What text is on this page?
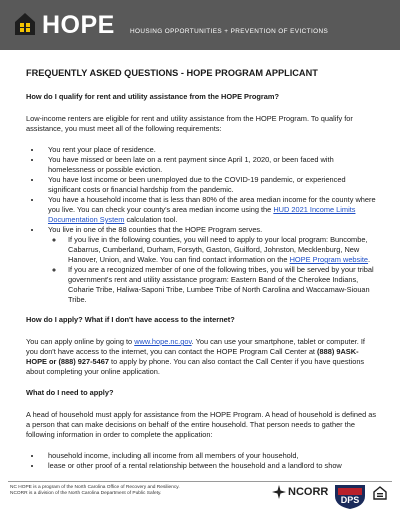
HOPE HOUSING OPPORTUNITIES + PREVENTION OF EVICTIONS
FREQUENTLY ASKED QUESTIONS - HOPE PROGRAM APPLICANT
How do I qualify for rent and utility assistance from the HOPE Program?

Low-income renters are eligible for rent and utility assistance from the HOPE Program. To qualify for assistance, you must meet all of the following requirements:

• You rent your place of residence.
• You have missed or been late on a rent payment since April 1, 2020, or been faced with homelessness or possible eviction.
• You have lost income or been unemployed due to the COVID-19 pandemic, or experienced significant costs or financial hardship from the pandemic.
• You have a household income that is less than 80% of the area median income for the county where you live. You can check your county's area median income using the HUD 2021 Income Limits Documentation System calculation tool.
• You live in one of the 88 counties that the HOPE Program serves.
◦ If you live in the following counties, you will need to apply to your local program: Buncombe, Cabarrus, Cumberland, Durham, Forsyth, Gaston, Guilford, Johnston, Mecklenburg, New Hanover, Union, and Wake. You can find contact information on the HOPE Program website.
◦ If you are a recognized member of one of the following tribes, you will be served by your tribal government's rent and utility assistance program: Eastern Band of the Cherokee Indians, Coharie Tribe, Haliwa-Saponi Tribe, Lumbee Tribe of North Carolina and Waccamaw-Siouan Tribe.
How do I apply? What if I don't have access to the internet?

You can apply online by going to www.hope.nc.gov. You can use your smartphone, tablet or computer. If you don't have access to the internet, you can contact the HOPE Program Call Center at (888) 9ASK-HOPE or (888) 927-5467 to apply by phone. You can also contact the Call Center if you have questions about completing your online application.

What do I need to apply?

A head of household must apply for assistance from the HOPE Program. A head of household is defined as a person that can make decisions on behalf of the entire household. That person needs to gather the following information in order to complete the application:

• household income, including all income from all members of your household,
• lease or other proof of a rental relationship between the household and a landlord to show
NC HOPE is a program of the North Carolina Office of Recovery and Resiliency.
NCORR is a division of the North Carolina Department of Public Safety.	NCORR
DPS
